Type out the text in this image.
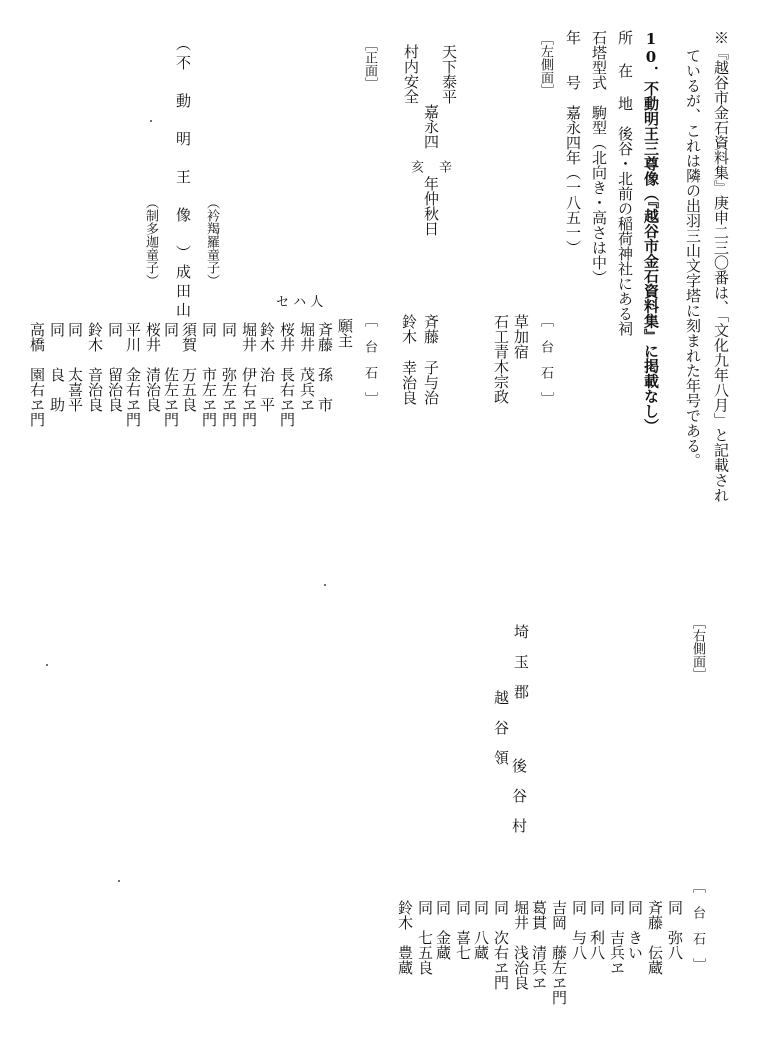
※『越谷市金石資料集』庚申二三〇番は、「文化九年八月」と記載され
ているが、これは隣の出羽三山文字塔に刻まれた年号である。
10．不動明王三尊像（『越谷市金石資料集』に掲載なし）
所 在 地　後谷・北前の稲荷神社にある祠
石塔型式　駒型（北向き・高さは中）
年　　号　嘉永四年（一八五一）
［左側面］
天下泰平
村内安全
嘉永四
辛
亥
年仲秋日
［正面］
（衿羯羅童子）
（不　動　明　王　像　）成田山
（制多迦童子）
［　台　石　］
草加宿
石工青木宗政
斉藤
子与治
鈴木
幸治良
［　台　石　］
セ ハ 人
願主
斉藤　孫　市
堀井　茂兵ヱ
桜井　長右ヱ門
鈴木　治　平
堀井　伊右ヱ門
同　　弥左ヱ門
同　　市左ヱ門
須賀　万五良
同　　佐左ヱ門
桜井　清治良
平川　金右ヱ門
同　　留治良
鈴木　音治良
同　　太喜平
同　　良　助
高橋　園右ヱ門
［右側面］
埼　玉　郡
越　谷　領
後　谷　村
［　台　石　］
同　弥八
斉藤　伝蔵
同　きい
同　吉兵ヱ
同　利八
同　与八
吉岡　藤左ヱ門
葛貫　清兵ヱ
堀井　浅治良
同　次右ヱ門
同　八蔵
同　喜七
同　金蔵
同　七五良
鈴木　豊蔵
